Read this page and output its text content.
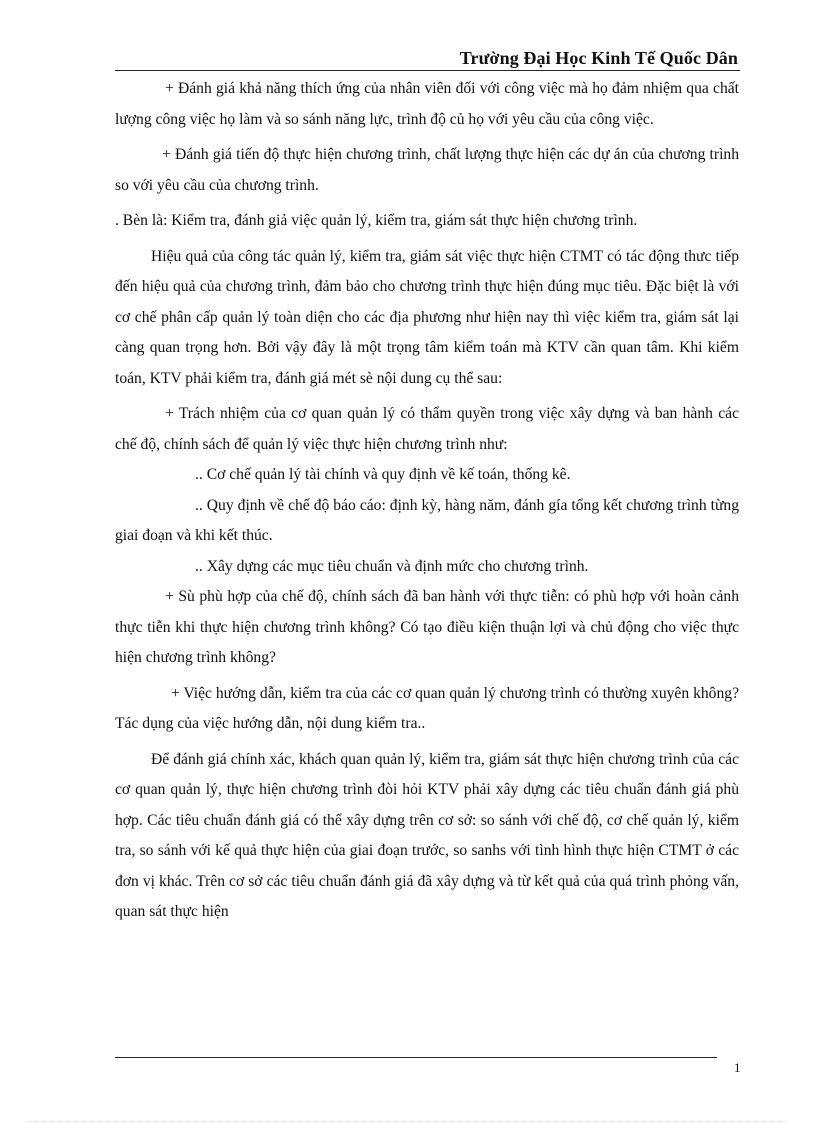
Trường Đại Học Kinh Tế Quốc Dân

+ Đánh giá khả năng thích ứng của nhân viên đối với công việc mà họ đảm nhiệm qua chất lượng công việc họ làm và so sánh năng lực, trình độ củ họ với yêu cầu của công việc.

+ Đánh giá tiến độ thực hiện chương trình, chất lượng thực hiện các dự án của chương trình so với yêu cầu của chương trình.

. Bèn là: Kiểm tra, đánh giả việc quản lý, kiểm tra, giám sát thực hiện chương trình.

Hiệu quả của công tác quản lý, kiểm tra, giám sát việc thực hiện CTMT có tác động thưc tiếp đến hiệu quả của chương trình, đảm bảo cho chương trình thực hiện đúng mục tiêu. Đặc biệt là với cơ chế phân cấp quản lý toàn diện cho các địa phương như hiện nay thì việc kiểm tra, giám sát lại càng quan trọng hơn. Bởi vậy đây là một trọng tâm kiểm toán mà KTV cần quan tâm. Khi kiểm toán, KTV phải kiểm tra, đánh giá mét sè nội dung cụ thể sau:

+ Trách nhiệm của cơ quan quản lý có thẩm quyền trong việc xây dựng và ban hành các chế độ, chính sách để quản lý việc thực hiện chương trình như:

.. Cơ chế quản lý tài chính và quy định về kế toán, thống kê.

.. Quy định về chế độ báo cáo: định kỳ, hàng năm, đánh gía tổng kết chương trình từng giai đoạn và khi kết thúc.

.. Xây dựng các mục tiêu chuẩn và định mức cho chương trình.

+ Sù phù hợp của chế độ, chính sách đã ban hành với thực tiễn: có phù hợp với hoàn cảnh thực tiễn khi thực hiện chương trình không? Có tạo điều kiện thuận lợi và chủ động cho việc thực hiện chương trình không?

+ Việc hướng dẫn, kiểm tra của các cơ quan quản lý chương trình có thường xuyên không? Tác dụng của việc hướng dẫn, nội dung kiểm tra..

Để đánh giá chính xác, khách quan quản lý, kiểm tra, giám sát thực hiện chương trình của các cơ quan quản lý, thực hiện chương trình đòi hỏi KTV phải xây dựng các tiêu chuẩn đánh giá phù hợp. Các tiêu chuẩn đánh giá có thể xây dựng trên cơ sở: so sánh với chế độ, cơ chế quản lý, kiểm tra, so sánh với kế quả thực hiện của giai đoạn trước, so sanhs với tình hình thực hiện CTMT ở các đơn vị khác. Trên cơ sở các tiêu chuẩn đánh giá đã xây dựng và từ kết quả của quá trình phỏng vấn, quan sát thực hiện

1
